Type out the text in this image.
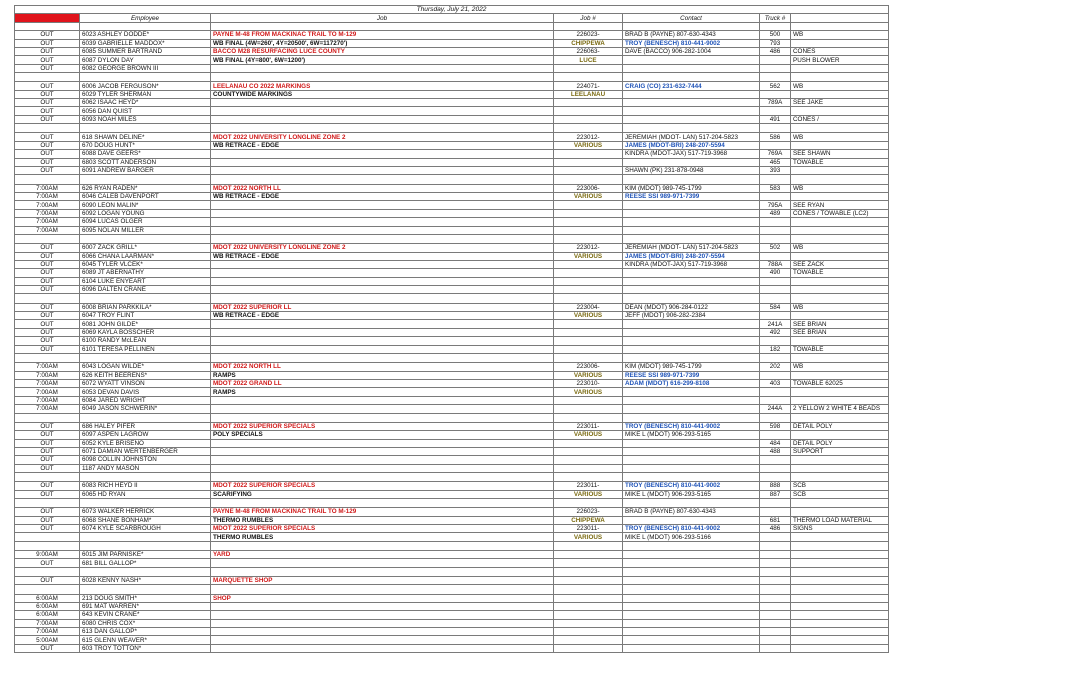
Thursday, July 21, 2022						
Crew	Employee	Job	Job #	Contact	Truck #	

OUT	6023 ASHLEY DODDE*	PAYNE M-48 FROM MACKINAC TRAIL TO M-129	226023-	BRAD B (PAYNE) 807-630-4343	500	WB
OUT	6039 GABRIELLE MADDOX*	WB FINAL (4W=260', 4Y=20500', 6W=117270')	CHIPPEWA	TROY (BENESCH) 810-441-9002	793	
OUT	6085 SUMMER BARTRAND	BACCO M28 RESURFACING LUCE COUNTY	226063-	DAVE (BACCO) 906-282-1004	486	CONES
OUT	6087 DYLON DAY	WB FINAL (4Y=800', 6W=1200')	LUCE			PUSH BLOWER
OUT	6082 GEORGE BROWN III					

OUT	6006 JACOB FERGUSON*	LEELANAU CO 2022 MARKINGS	224071-	CRAIG (CO) 231-632-7444	562	WB
OUT	6029 TYLER SHERMAN	COUNTYWIDE MARKINGS	LEELANAU			
OUT	6062 ISAAC HEYD*				789A	SEE JAKE
OUT	6056 DAN QUIST					
OUT	6093 NOAH MILES				491	CONES /

OUT	618 SHAWN DELINE*	MDOT 2022 UNIVERSITY LONGLINE ZONE 2	223012-	JEREMIAH (MDOT- LAN) 517-204-5823	586	WB
OUT	670 DOUG HUNT*	WB RETRACE - EDGE	VARIOUS	JAMES (MDOT-BRI) 248-207-5594		
OUT	6088 DAVE GEERS*			KINDRA (MDOT-JAX) 517-719-3968	769A	SEE SHAWN
OUT	6803 SCOTT ANDERSON				465	TOWABLE
OUT	6091 ANDREW BARGER			SHAWN (PK) 231-878-0948	393	

7:00AM	626 RYAN RADEN*	MDOT 2022 NORTH LL	223006-	KIM (MDOT) 989-745-1799	583	WB
7:00AM	6046 CALEB DAVENPORT	WB RETRACE - EDGE	VARIOUS	REESE SSI 989-971-7399		
7:00AM	6090 LEON MALIN*				795A	SEE RYAN
7:00AM	6092 LOGAN YOUNG				489	CONES / TOWABLE (LC2)
7:00AM	6094 LUCAS OLGER					
7:00AM	6095 NOLAN MILLER					

OUT	6007 ZACK GRILL*	MDOT 2022 UNIVERSITY LONGLINE ZONE 2	223012-	JEREMIAH (MDOT- LAN) 517-204-5823	502	WB
OUT	6066 CHANA LAARMAN*	WB RETRACE - EDGE	VARIOUS	JAMES (MDOT-BRI) 248-207-5594		
OUT	6045 TYLER VLCEK*			KINDRA (MDOT-JAX) 517-719-3968	788A	SEE ZACK
OUT	6089 JT ABERNATHY				490	TOWABLE
OUT	6104 LUKE ENYEART					
OUT	6096 DALTEN CRANE					

OUT	6008 BRIAN PARKKILA*	MDOT 2022 SUPERIOR LL	223004-	DEAN (MDOT) 906-284-0122	584	WB
OUT	6047 TROY FLINT	WB RETRACE - EDGE	VARIOUS	JEFF (MDOT) 906-282-2384		
OUT	6081 JOHN GILDE*				241A	SEE BRIAN
OUT	6069 KAYLA BOSSCHER				492	SEE BRIAN
OUT	6100 RANDY McLEAN					
OUT	6101 TERESA PELLINEN				182	TOWABLE

7:00AM	6043 LOGAN WILDE*	MDOT 2022 NORTH LL	223006-	KIM (MDOT) 989-745-1799	202	WB
7:00AM	626 KEITH BEERENS*	RAMPS	VARIOUS	REESE SSI 989-971-7399		
7:00AM	6072 WYATT VINSON	MDOT 2022 GRAND LL	223010-	ADAM (MDOT) 616-299-8108	403	TOWABLE 62025
7:00AM	6053 DEVAN DAVIS	RAMPS	VARIOUS			
7:00AM	6084 JARED WRIGHT					
7:00AM	6049 JASON SCHWERIN*				244A	2 YELLOW 2 WHITE 4 BEADS

OUT	686 HALEY PIFER	MDOT 2022 SUPERIOR SPECIALS	223011-	TROY (BENESCH) 810-441-9002	598	DETAIL POLY
OUT	6097 ASPEN LAGROW	POLY SPECIALS	VARIOUS	MIKE L (MDOT) 906-293-5165		
OUT	6052 KYLE BRISENO				484	DETAIL POLY
OUT	6071 DAMIAN WERTENBERGER				488	SUPPORT
OUT	6098 COLLIN JOHNSTON					
OUT	1187 ANDY MASON					

OUT	6083 RICH HEYD II	MDOT 2022 SUPERIOR SPECIALS	223011-	TROY (BENESCH) 810-441-9002	888	SCB
OUT	6065 HD RYAN	SCARIFYING	VARIOUS	MIKE L (MDOT) 906-293-5165	887	SCB

OUT	6073 WALKER HERRICK	PAYNE M-48 FROM MACKINAC TRAIL TO M-129	226023-	BRAD B (PAYNE) 807-630-4343		
OUT	6068 SHANE BONHAM*	THERMO RUMBLES	CHIPPEWA		681	THERMO LOAD MATERIAL
OUT	6074 KYLE SCARBROUGH	MDOT 2022 SUPERIOR SPECIALS	223011-	TROY (BENESCH) 810-441-9002	486	SIGNS
		THERMO RUMBLES	VARIOUS	MIKE L (MDOT) 906-293-5166		

9:00AM	6015 JIM PARNISKE*	YARD				
OUT	681 BILL GALLOP*					

OUT	6028 KENNY NASH*	MARQUETTE SHOP				

6:00AM	213 DOUG SMITH*	SHOP				
6:00AM	691 MAT WARREN*					
6:00AM	643 KEVIN CRANE*					
7:00AM	6080 CHRIS COX*					
7:00AM	613 DAN GALLOP*					
5:00AM	615 GLENN WEAVER*					
OUT	603 TROY TOTTON*					
